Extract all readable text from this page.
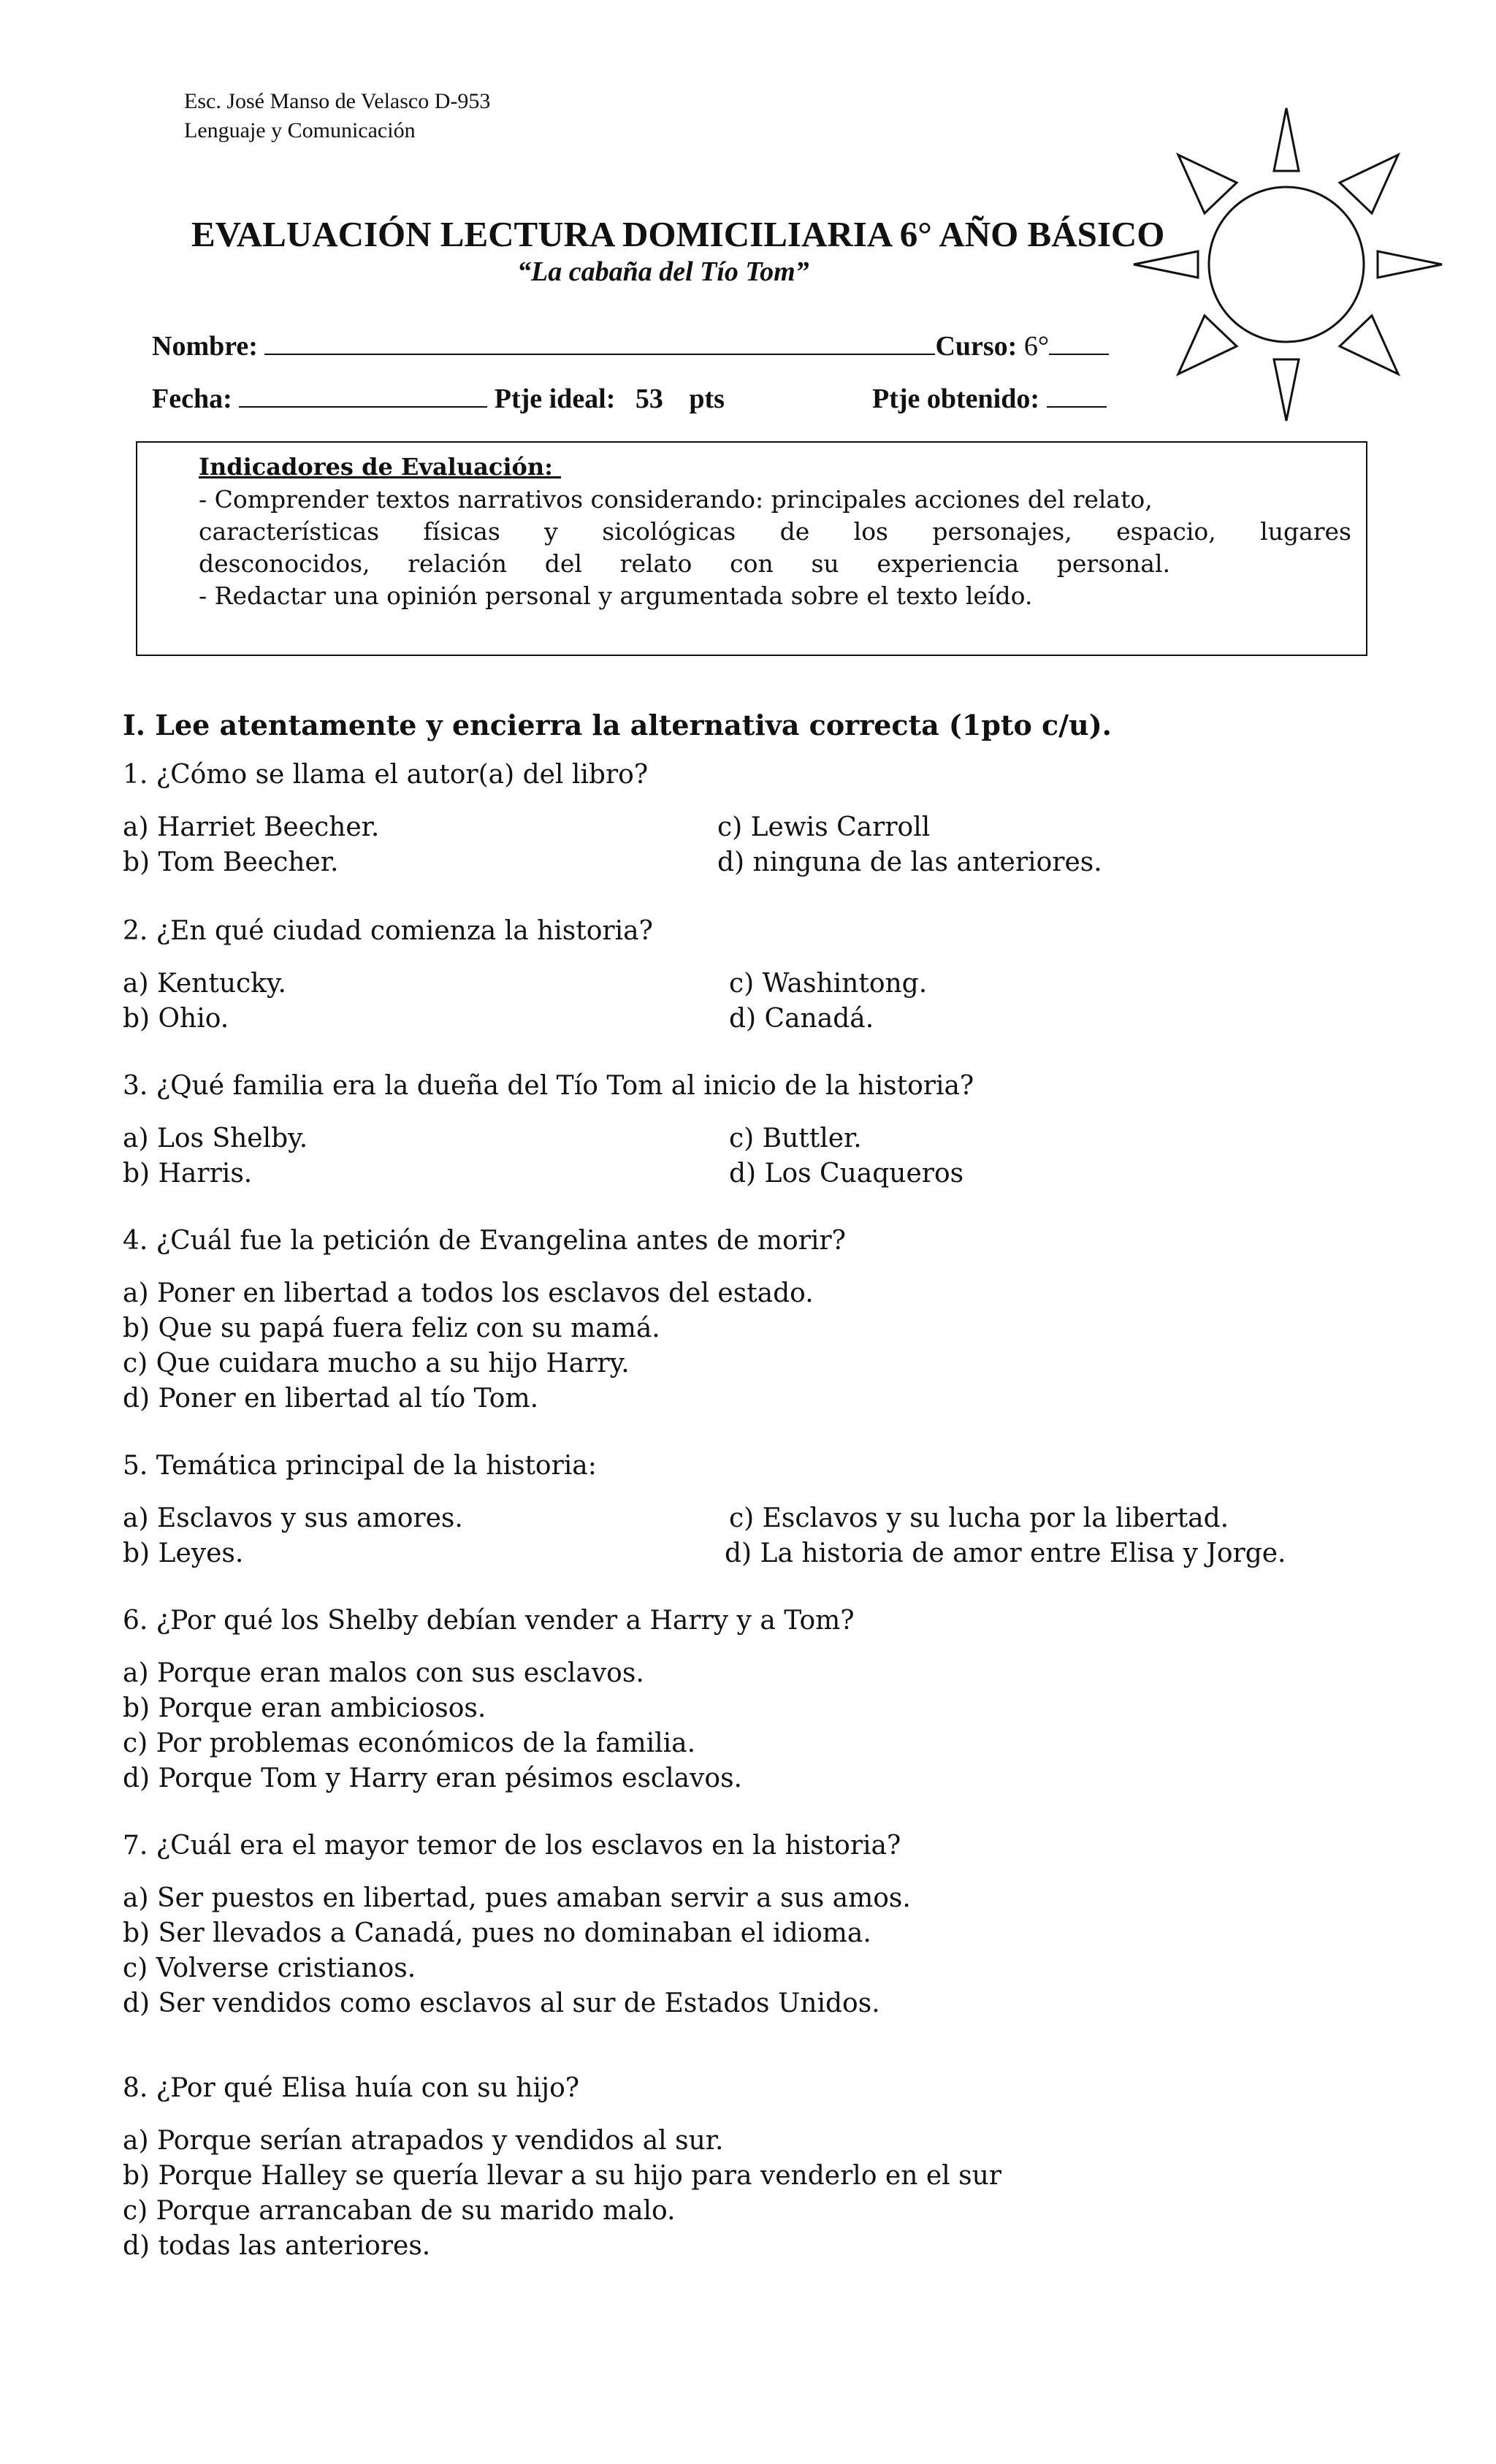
Esc. José Manso de Velasco D-953
Lenguaje y Comunicación
EVALUACIÓN LECTURA DOMICILIARIA 6° AÑO BÁSICO
“La cabaña del Tío Tom”
Nombre:	Curso: 6°
Fecha:	Ptje ideal: 53 pts	Ptje obtenido:
Indicadores de Evaluación:
- Comprender textos narrativos considerando: principales acciones del relato,
características físicas y sicológicas de los personajes, espacio, lugares
desconocidos, relación del relato con su experiencia personal.
- Redactar una opinión personal y argumentada sobre el texto leído.
I. Lee atentamente y encierra la alternativa correcta (1pto c/u).
1. ¿Cómo se llama el autor(a) del libro?
a) Harriet Beecher.
b) Tom Beecher.
c) Lewis Carroll
d) ninguna de las anteriores.
2. ¿En qué ciudad comienza la historia?
a) Kentucky.
b) Ohio.
c) Washintong.
d) Canadá.
3. ¿Qué familia era la dueña del Tío Tom al inicio de la historia?
a) Los Shelby.
b) Harris.
c) Buttler.
d) Los Cuaqueros
4. ¿Cuál fue la petición de Evangelina antes de morir?
a) Poner en libertad a todos los esclavos del estado.
b) Que su papá fuera feliz con su mamá.
c) Que cuidara mucho a su hijo Harry.
d) Poner en libertad al tío Tom.
5. Temática principal de la historia:
a) Esclavos y sus amores.
b) Leyes.
c) Esclavos y su lucha por la libertad.
d) La historia de amor entre Elisa y Jorge.
6. ¿Por qué los Shelby debían vender a Harry y a Tom?
a) Porque eran malos con sus esclavos.
b) Porque eran ambiciosos.
c) Por problemas económicos de la familia.
d) Porque Tom y Harry eran pésimos esclavos.
7. ¿Cuál era el mayor temor de los esclavos en la historia?
a) Ser puestos en libertad, pues amaban servir a sus amos.
b) Ser llevados a Canadá, pues no dominaban el idioma.
c) Volverse cristianos.
d) Ser vendidos como esclavos al sur de Estados Unidos.
8. ¿Por qué Elisa huía con su hijo?
a) Porque serían atrapados y vendidos al sur.
b) Porque Halley se quería llevar a su hijo para venderlo en el sur
c) Porque arrancaban de su marido malo.
d) todas las anteriores.
